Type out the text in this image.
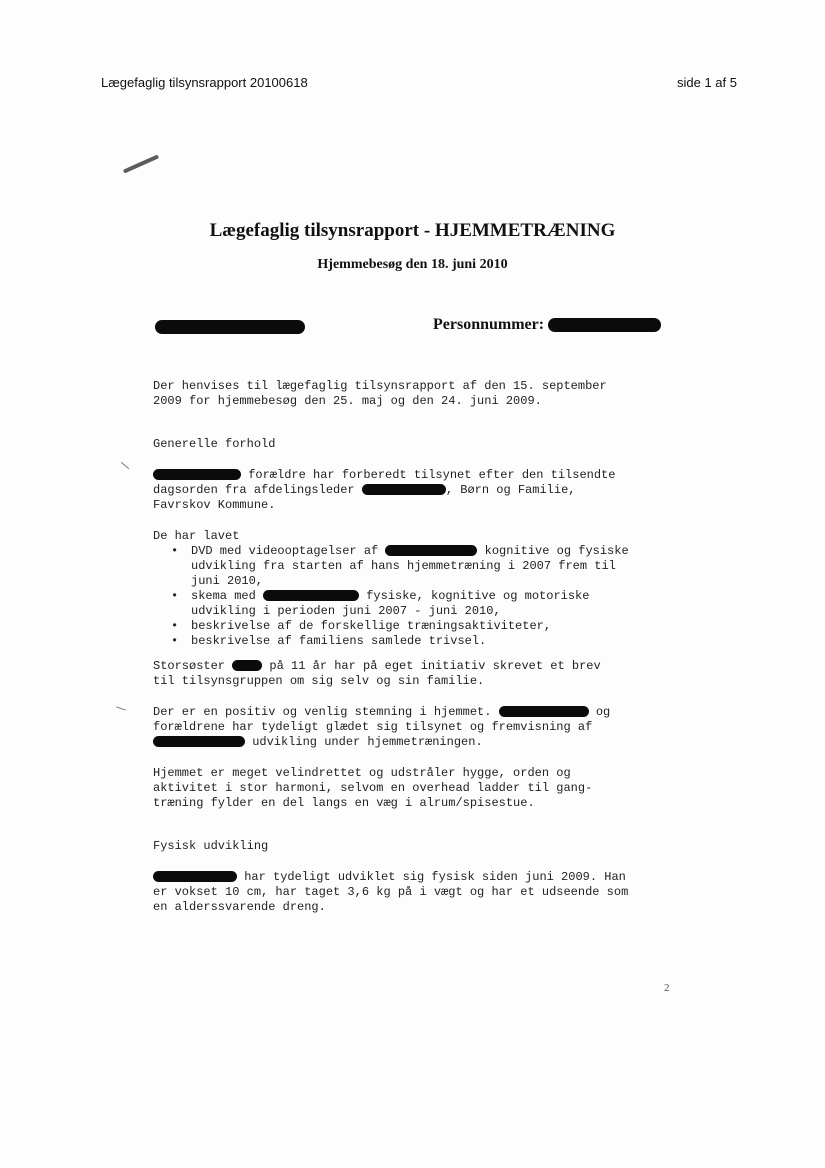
Lægefaglig tilsynsrapport 20100618	side 1 af 5
Lægefaglig tilsynsrapport - HJEMMETRÆNING
Hjemmebesøg den 18. juni 2010
Personnummer:

Der henvises til lægefaglig tilsynsrapport af den 15. september

2009 for hjemmebesøg den 25. maj og den 24. juni 2009.

Generelle forhold

forældre har forberedt tilsynet efter den tilsendte

dagsorden fra afdelingsleder	, Børn og Familie,

Favrskov Kommune.

De har lavet

• DVD med videooptagelser af	kognitive og fysiske
udvikling fra starten af hans hjemmetræning i 2007 frem til
juni 2010,
• skema med	fysiske, kognitive og motoriske
udvikling i perioden juni 2007 - juni 2010,
• beskrivelse af de forskellige træningsaktiviteter,
• beskrivelse af familiens samlede trivsel.

Storsøster	på 11 år har på eget initiativ skrevet et brev

til tilsynsgruppen om sig selv og sin familie.

Der er en positiv og venlig stemning i hjemmet.	og

forældrene har tydeligt glædet sig tilsynet og fremvisning af

udvikling under hjemmetræningen.

Hjemmet er meget velindrettet og udstråler hygge, orden og

aktivitet i stor harmoni, selvom en overhead ladder til gang-

træning fylder en del langs en væg i alrum/spisestue.

Fysisk udvikling

har tydeligt udviklet sig fysisk siden juni 2009. Han

er vokset 10 cm, har taget 3,6 kg på i vægt og har et udseende som

en alderssvarende dreng.

2
